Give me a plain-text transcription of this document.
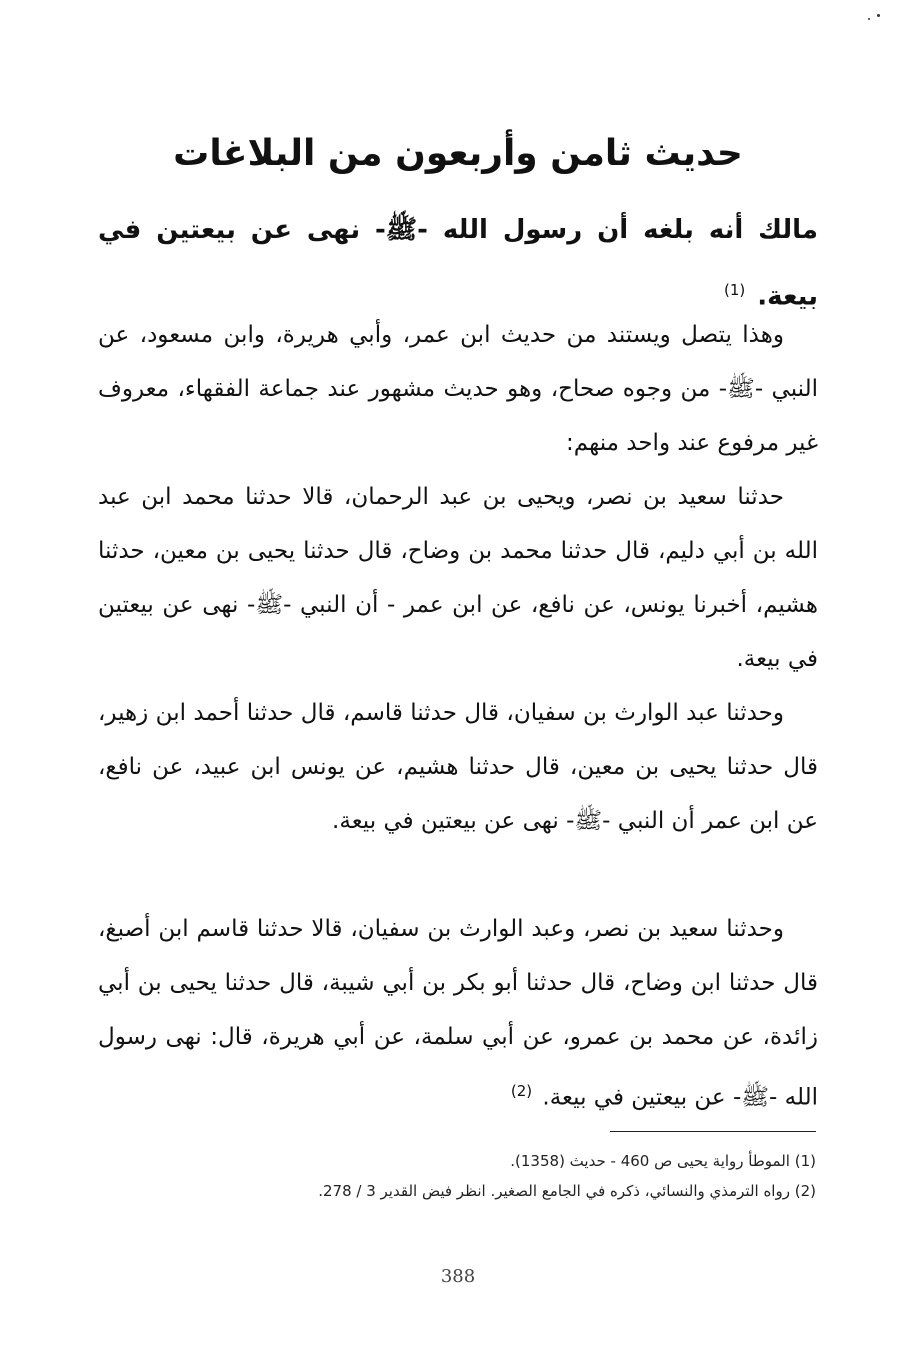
حديث ثامن وأربعون من البلاغات
مالك أنه بلغه أن رسول الله -ﷺ- نهى عن بيعتين في بيعة. $^{(1)}$
وهذا يتصل ويستند من حديث ابن عمر، وأبي هريرة، وابن مسعود، عن النبي -ﷺ- من وجوه صحاح، وهو حديث مشهور عند جماعة الفقهاء، معروف غير مرفوع عند واحد منهم:
حدثنا سعيد بن نصر، ويحيى بن عبد الرحمان، قالا حدثنا محمد ابن عبد الله بن أبي دليم، قال حدثنا محمد بن وضاح، قال حدثنا يحيى بن معين، حدثنا هشيم، أخبرنا يونس، عن نافع، عن ابن عمر - أن النبي -ﷺ- نهى عن بيعتين في بيعة.
وحدثنا عبد الوارث بن سفيان، قال حدثنا قاسم، قال حدثنا أحمد ابن زهير، قال حدثنا يحيى بن معين، قال حدثنا هشيم، عن يونس ابن عبيد، عن نافع، عن ابن عمر أن النبي -ﷺ- نهى عن بيعتين في بيعة.
وحدثنا سعيد بن نصر، وعبد الوارث بن سفيان، قالا حدثنا قاسم ابن أصبغ، قال حدثنا ابن وضاح، قال حدثنا أبو بكر بن أبي شيبة، قال حدثنا يحيى بن أبي زائدة، عن محمد بن عمرو، عن أبي سلمة، عن أبي هريرة، قال: نهى رسول الله -ﷺ- عن بيعتين في بيعة. $^{(2)}$

(1) الموطأ رواية يحيى ص 460 - حديث (1358).

(2) رواه الترمذي والنسائي، ذكره في الجامع الصغير. انظر فيض القدير 3 / 278.

388
